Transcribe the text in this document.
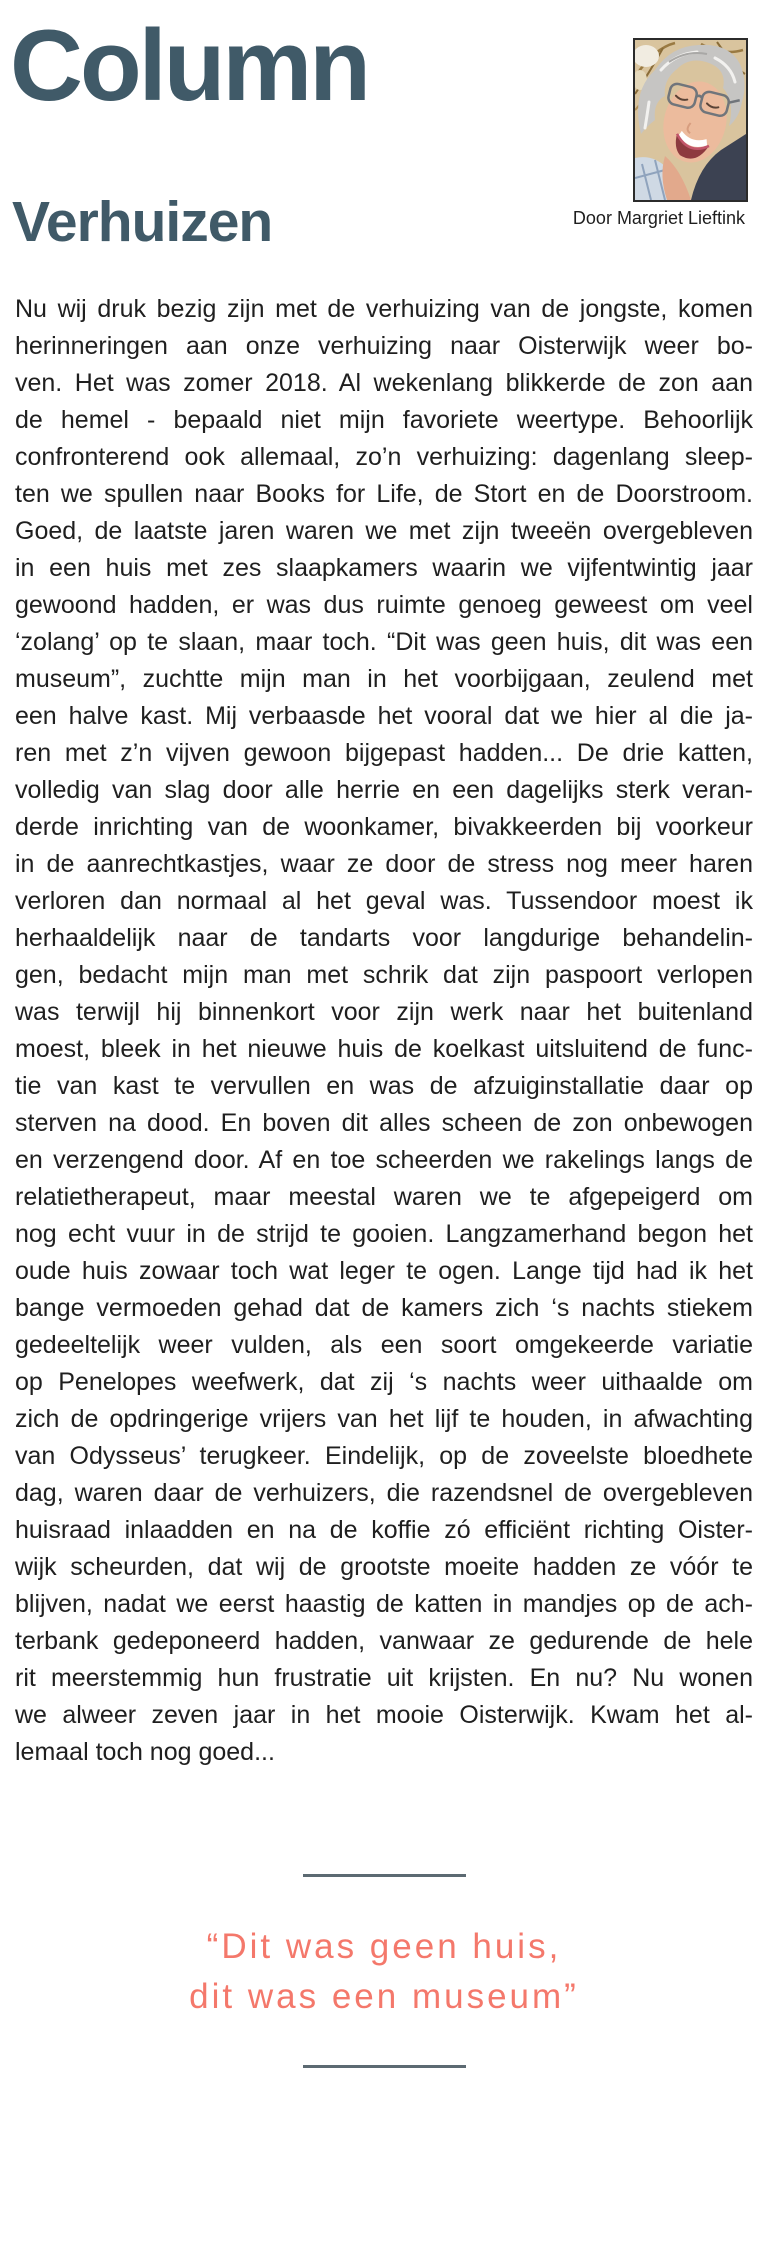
Column
Door Margriet Lieftink
Verhuizen
Nu wij druk bezig zijn met de verhuizing van de jongste, komen
herinneringen aan onze verhuizing naar Oisterwijk weer bo-
ven. Het was zomer 2018. Al wekenlang blikkerde de zon aan
de hemel - bepaald niet mijn favoriete weertype. Behoorlijk
confronterend ook allemaal, zo’n verhuizing: dagenlang sleep-
ten we spullen naar Books for Life, de Stort en de Doorstroom.
Goed, de laatste jaren waren we met zijn tweeën overgebleven
in een huis met zes slaapkamers waarin we vijfentwintig jaar
gewoond hadden, er was dus ruimte genoeg geweest om veel
‘zolang’ op te slaan, maar toch. “Dit was geen huis, dit was een
museum”, zuchtte mijn man in het voorbijgaan, zeulend met
een halve kast. Mij verbaasde het vooral dat we hier al die ja-
ren met z’n vijven gewoon bijgepast hadden... De drie katten,
volledig van slag door alle herrie en een dagelijks sterk veran-
derde inrichting van de woonkamer, bivakkeerden bij voorkeur
in de aanrechtkastjes, waar ze door de stress nog meer haren
verloren dan normaal al het geval was. Tussendoor moest ik
herhaaldelijk naar de tandarts voor langdurige behandelin-
gen, bedacht mijn man met schrik dat zijn paspoort verlopen
was terwijl hij binnenkort voor zijn werk naar het buitenland
moest, bleek in het nieuwe huis de koelkast uitsluitend de func-
tie van kast te vervullen en was de afzuiginstallatie daar op
sterven na dood. En boven dit alles scheen de zon onbewogen
en verzengend door. Af en toe scheerden we rakelings langs de
relatietherapeut, maar meestal waren we te afgepeigerd om
nog echt vuur in de strijd te gooien. Langzamerhand begon het
oude huis zowaar toch wat leger te ogen. Lange tijd had ik het
bange vermoeden gehad dat de kamers zich ‘s nachts stiekem
gedeeltelijk weer vulden, als een soort omgekeerde variatie
op Penelopes weefwerk, dat zij ‘s nachts weer uithaalde om
zich de opdringerige vrijers van het lijf te houden, in afwachting
van Odysseus’ terugkeer. Eindelijk, op de zoveelste bloedhete
dag, waren daar de verhuizers, die razendsnel de overgebleven
huisraad inlaadden en na de koffie zó efficiënt richting Oister-
wijk scheurden, dat wij de grootste moeite hadden ze vóór te
blijven, nadat we eerst haastig de katten in mandjes op de ach-
terbank gedeponeerd hadden, vanwaar ze gedurende de hele
rit meerstemmig hun frustratie uit krijsten. En nu? Nu wonen
we alweer zeven jaar in het mooie Oisterwijk. Kwam het al-
lemaal toch nog goed...
“Dit was geen huis,
dit was een museum”
